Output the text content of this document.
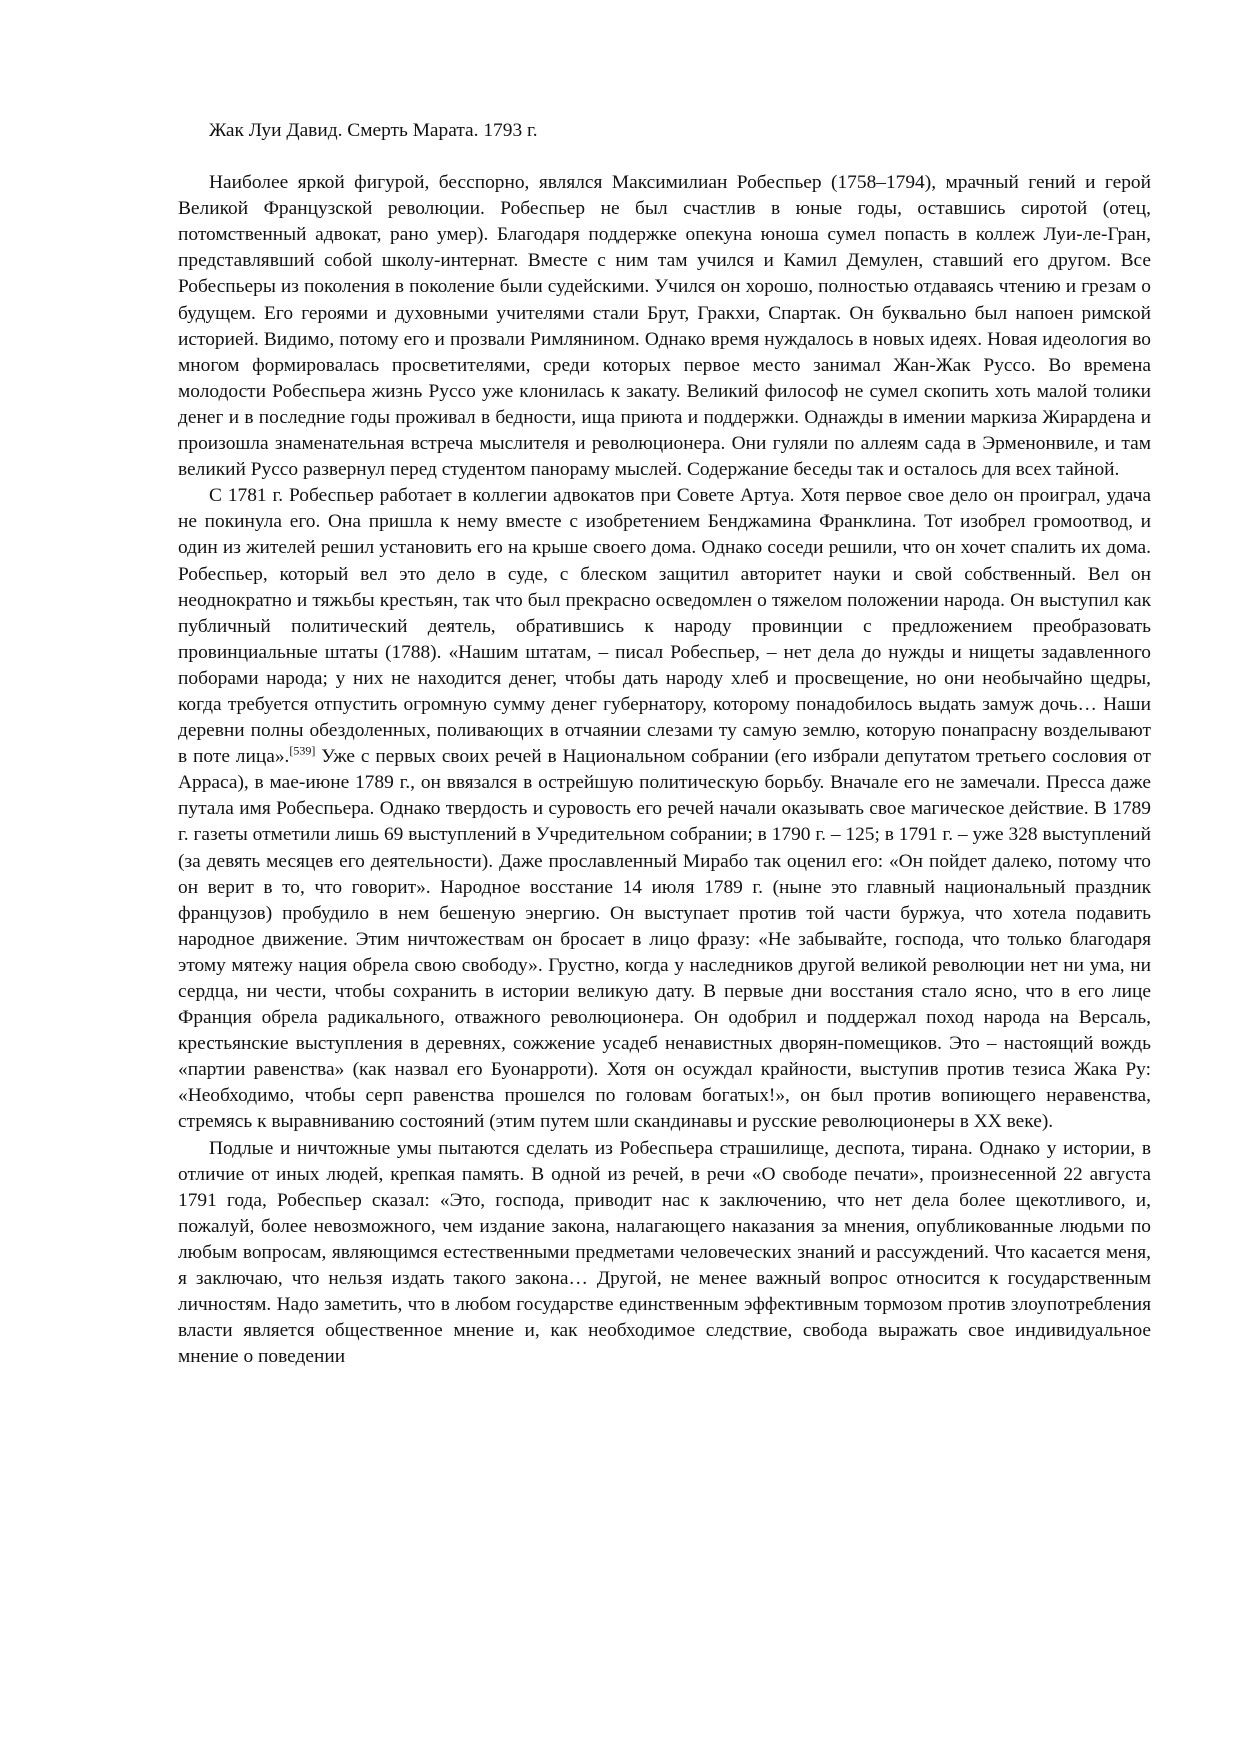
Жак Луи Давид. Смерть Марата. 1793 г.

Наиболее яркой фигурой, бесспорно, являлся Максимилиан Робеспьер (1758–1794), мрачный гений и герой Великой Французской революции. Робеспьер не был счастлив в юные годы, оставшись сиротой (отец, потомственный адвокат, рано умер). Благодаря поддержке опекуна юноша сумел попасть в коллеж Луи-ле-Гран, представлявший собой школу-интернат. Вместе с ним там учился и Камил Демулен, ставший его другом. Все Робеспьеры из поколения в поколение были судейскими. Учился он хорошо, полностью отдаваясь чтению и грезам о будущем. Его героями и духовными учителями стали Брут, Гракхи, Спартак. Он буквально был напоен римской историей. Видимо, потому его и прозвали Римлянином. Однако время нуждалось в новых идеях. Новая идеология во многом формировалась просветителями, среди которых первое место занимал Жан-Жак Руссо. Во времена молодости Робеспьера жизнь Руссо уже клонилась к закату. Великий философ не сумел скопить хоть малой толики денег и в последние годы проживал в бедности, ища приюта и поддержки. Однажды в имении маркиза Жирардена и произошла знаменательная встреча мыслителя и революционера. Они гуляли по аллеям сада в Эрменонвиле, и там великий Руссо развернул перед студентом панораму мыслей. Содержание беседы так и осталось для всех тайной.

С 1781 г. Робеспьер работает в коллегии адвокатов при Совете Артуа. Хотя первое свое дело он проиграл, удача не покинула его. Она пришла к нему вместе с изобретением Бенджамина Франклина. Тот изобрел громоотвод, и один из жителей решил установить его на крыше своего дома. Однако соседи решили, что он хочет спалить их дома. Робеспьер, который вел это дело в суде, с блеском защитил авторитет науки и свой собственный. Вел он неоднократно и тяжьбы крестьян, так что был прекрасно осведомлен о тяжелом положении народа. Он выступил как публичный политический деятель, обратившись к народу провинции с предложением преобразовать провинциальные штаты (1788). «Нашим штатам, – писал Робеспьер, – нет дела до нужды и нищеты задавленного поборами народа; у них не находится денег, чтобы дать народу хлеб и просвещение, но они необычайно щедры, когда требуется отпустить огромную сумму денег губернатору, которому понадобилось выдать замуж дочь… Наши деревни полны обездоленных, поливающих в отчаянии слезами ту самую землю, которую понапрасну возделывают в поте лица».[539] Уже с первых своих речей в Национальном собрании (его избрали депутатом третьего сословия от Арраса), в мае-июне 1789 г., он ввязался в острейшую политическую борьбу. Вначале его не замечали. Пресса даже путала имя Робеспьера. Однако твердость и суровость его речей начали оказывать свое магическое действие. В 1789 г. газеты отметили лишь 69 выступлений в Учредительном собрании; в 1790 г. – 125; в 1791 г. – уже 328 выступлений (за девять месяцев его деятельности). Даже прославленный Мирабо так оценил его: «Он пойдет далеко, потому что он верит в то, что говорит». Народное восстание 14 июля 1789 г. (ныне это главный национальный праздник французов) пробудило в нем бешеную энергию. Он выступает против той части буржуа, что хотела подавить народное движение. Этим ничтожествам он бросает в лицо фразу: «Не забывайте, господа, что только благодаря этому мятежу нация обрела свою свободу». Грустно, когда у наследников другой великой революции нет ни ума, ни сердца, ни чести, чтобы сохранить в истории великую дату. В первые дни восстания стало ясно, что в его лице Франция обрела радикального, отважного революционера. Он одобрил и поддержал поход народа на Версаль, крестьянские выступления в деревнях, сожжение усадеб ненавистных дворян-помещиков. Это – настоящий вождь «партии равенства» (как назвал его Буонарроти). Хотя он осуждал крайности, выступив против тезиса Жака Ру: «Необходимо, чтобы серп равенства прошелся по головам богатых!», он был против вопиющего неравенства, стремясь к выравниванию состояний (этим путем шли скандинавы и русские революционеры в XX веке).

Подлые и ничтожные умы пытаются сделать из Робеспьера страшилище, деспота, тирана. Однако у истории, в отличие от иных людей, крепкая память. В одной из речей, в речи «О свободе печати», произнесенной 22 августа 1791 года, Робеспьер сказал: «Это, господа, приводит нас к заключению, что нет дела более щекотливого, и, пожалуй, более невозможного, чем издание закона, налагающего наказания за мнения, опубликованные людьми по любым вопросам, являющимся естественными предметами человеческих знаний и рассуждений. Что касается меня, я заключаю, что нельзя издать такого закона… Другой, не менее важный вопрос относится к государственным личностям. Надо заметить, что в любом государстве единственным эффективным тормозом против злоупотребления власти является общественное мнение и, как необходимое следствие, свобода выражать свое индивидуальное мнение о поведении
